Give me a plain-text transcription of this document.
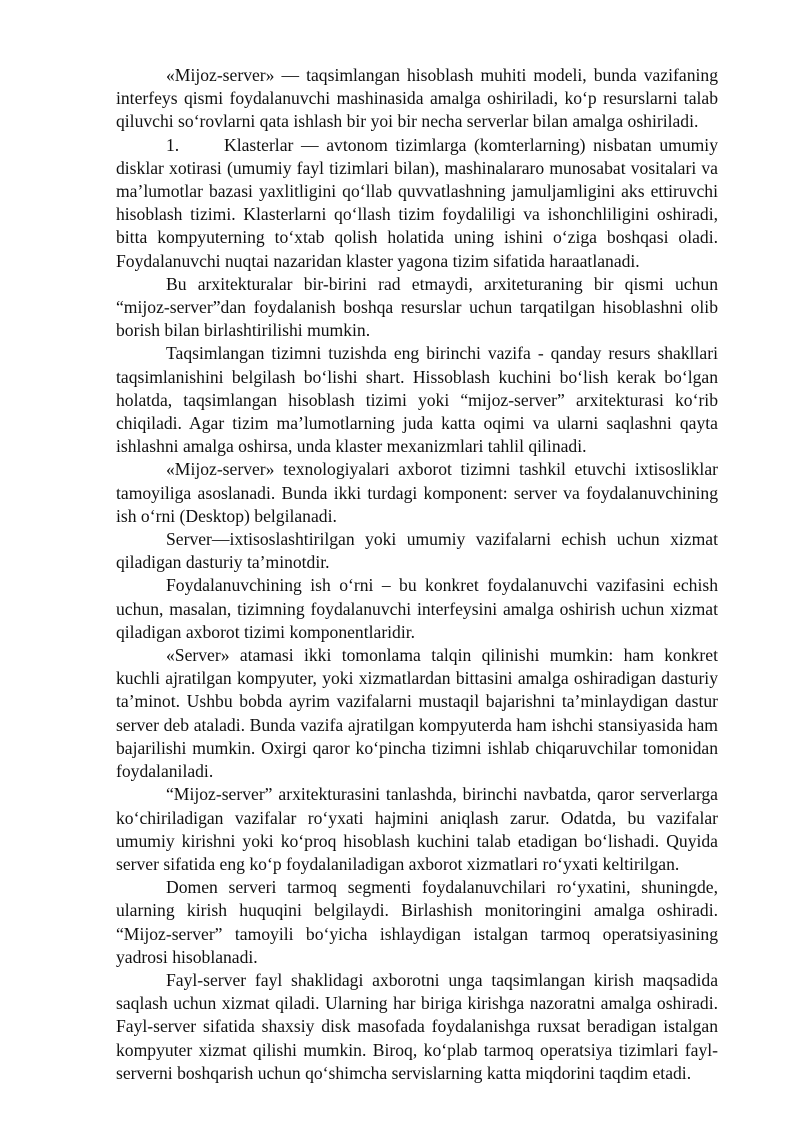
«Mijoz-server» — taqsimlangan hisoblash muhiti modeli, bunda vazifaning interfeys qismi foydalanuvchi mashinasida amalga oshiriladi, ko‘p resurslarni talab qiluvchi so‘rovlarni qata ishlash bir yoi bir necha serverlar bilan amalga oshiriladi.

1.	Klasterlar — avtonom tizimlarga (komterlarning) nisbatan umumiy disklar xotirasi (umumiy fayl tizimlari bilan), mashinalararo munosabat vositalari va ma’lumotlar bazasi yaxlitligini qo‘llab quvvatlashning jamuljamligini aks ettiruvchi hisoblash tizimi. Klasterlarni qo‘llash tizim foydaliligi va ishonchliligini oshiradi, bitta kompyuterning to‘xtab qolish holatida uning ishini o‘ziga boshqasi oladi. Foydalanuvchi nuqtai nazaridan klaster yagona tizim sifatida haraatlanadi.

Bu arxitekturalar bir-birini rad etmaydi, arxiteturaning bir qismi uchun “mijoz-server”dan foydalanish boshqa resurslar uchun tarqatilgan hisoblashni olib borish bilan birlashtirilishi mumkin.

Taqsimlangan tizimni tuzishda eng birinchi vazifa - qanday resurs shakllari taqsimlanishini belgilash bo‘lishi shart. Hissoblash kuchini bo‘lish kerak bo‘lgan holatda, taqsimlangan hisoblash tizimi yoki “mijoz-server” arxitekturasi ko‘rib chiqiladi. Agar tizim ma’lumotlarning juda katta oqimi va ularni saqlashni qayta ishlashni amalga oshirsa, unda klaster mexanizmlari tahlil qilinadi.

«Mijoz-server» texnologiyalari axborot tizimni tashkil etuvchi ixtisosliklar tamoyiliga asoslanadi. Bunda ikki turdagi komponent: server va foydalanuvchining ish o‘rni (Desktop) belgilanadi.

Server—ixtisoslashtirilgan yoki umumiy vazifalarni echish uchun xizmat qiladigan dasturiy ta’minotdir.

Foydalanuvchining ish o‘rni – bu konkret foydalanuvchi vazifasini echish uchun, masalan, tizimning foydalanuvchi interfeysini amalga oshirish uchun xizmat qiladigan axborot tizimi komponentlaridir.

«Server» atamasi ikki tomonlama talqin qilinishi mumkin: ham konkret kuchli ajratilgan kompyuter, yoki xizmatlardan bittasini amalga oshiradigan dasturiy ta’minot. Ushbu bobda ayrim vazifalarni mustaqil bajarishni ta’minlaydigan dastur server deb ataladi. Bunda vazifa ajratilgan kompyuterda ham ishchi stansiyasida ham bajarilishi mumkin. Oxirgi qaror ko‘pincha tizimni ishlab chiqaruvchilar tomonidan foydalaniladi.

“Mijoz-server” arxitekturasini tanlashda, birinchi navbatda, qaror serverlarga ko‘chiriladigan vazifalar ro‘yxati hajmini aniqlash zarur. Odatda, bu vazifalar umumiy kirishni yoki ko‘proq hisoblash kuchini talab etadigan bo‘lishadi. Quyida server sifatida eng ko‘p foydalaniladigan axborot xizmatlari ro‘yxati keltirilgan.

Domen serveri tarmoq segmenti foydalanuvchilari ro‘yxatini, shuningde, ularning kirish huquqini belgilaydi. Birlashish monitoringini amalga oshiradi. “Mijoz-server” tamoyili bo‘yicha ishlaydigan istalgan tarmoq operatsiyasining yadrosi hisoblanadi.

Fayl-server fayl shaklidagi axborotni unga taqsimlangan kirish maqsadida saqlash uchun xizmat qiladi. Ularning har biriga kirishga nazoratni amalga oshiradi. Fayl-server sifatida shaxsiy disk masofada foydalanishga ruxsat beradigan istalgan kompyuter xizmat qilishi mumkin. Biroq, ko‘plab tarmoq operatsiya tizimlari fayl-serverni boshqarish uchun qo‘shimcha servislarning katta miqdorini taqdim etadi.
